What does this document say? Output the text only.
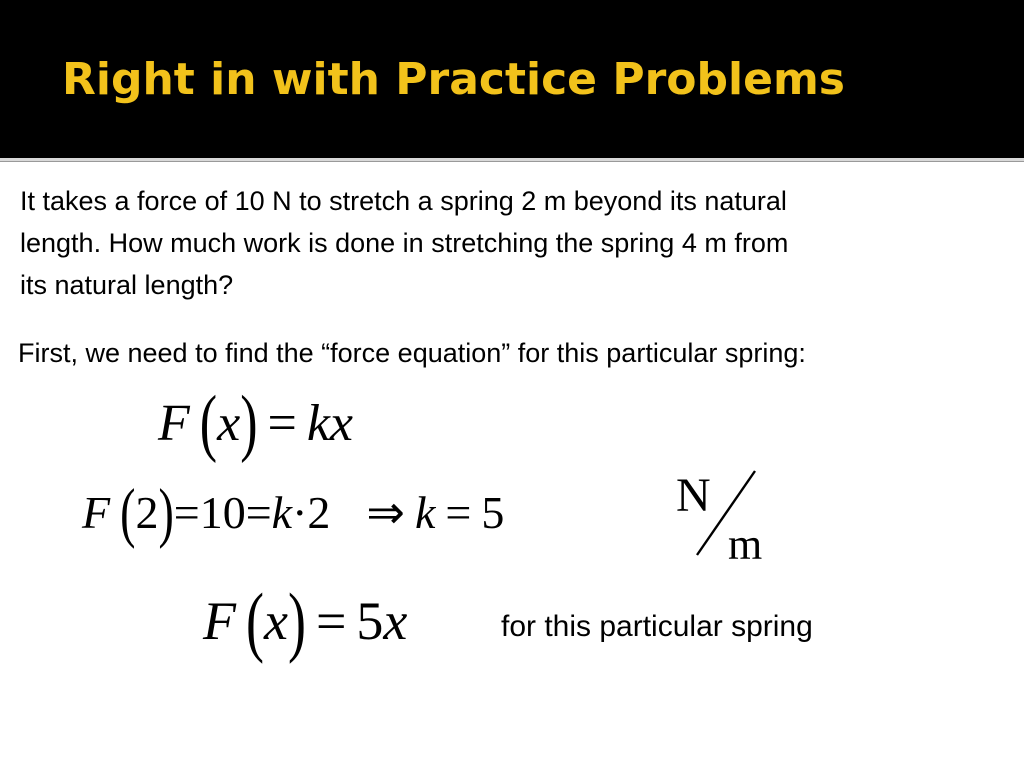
Right in with Practice Problems
It takes a force of 10 N to stretch a spring 2 m beyond its natural
length. How much work is done in stretching the spring 4 m from
its natural length?
First, we need to find the “force equation” for this particular spring:
F (x) = kx
F (2)=10=k·2 ⇒ k = 5	N
m
F (x) = 5x	for this particular spring
